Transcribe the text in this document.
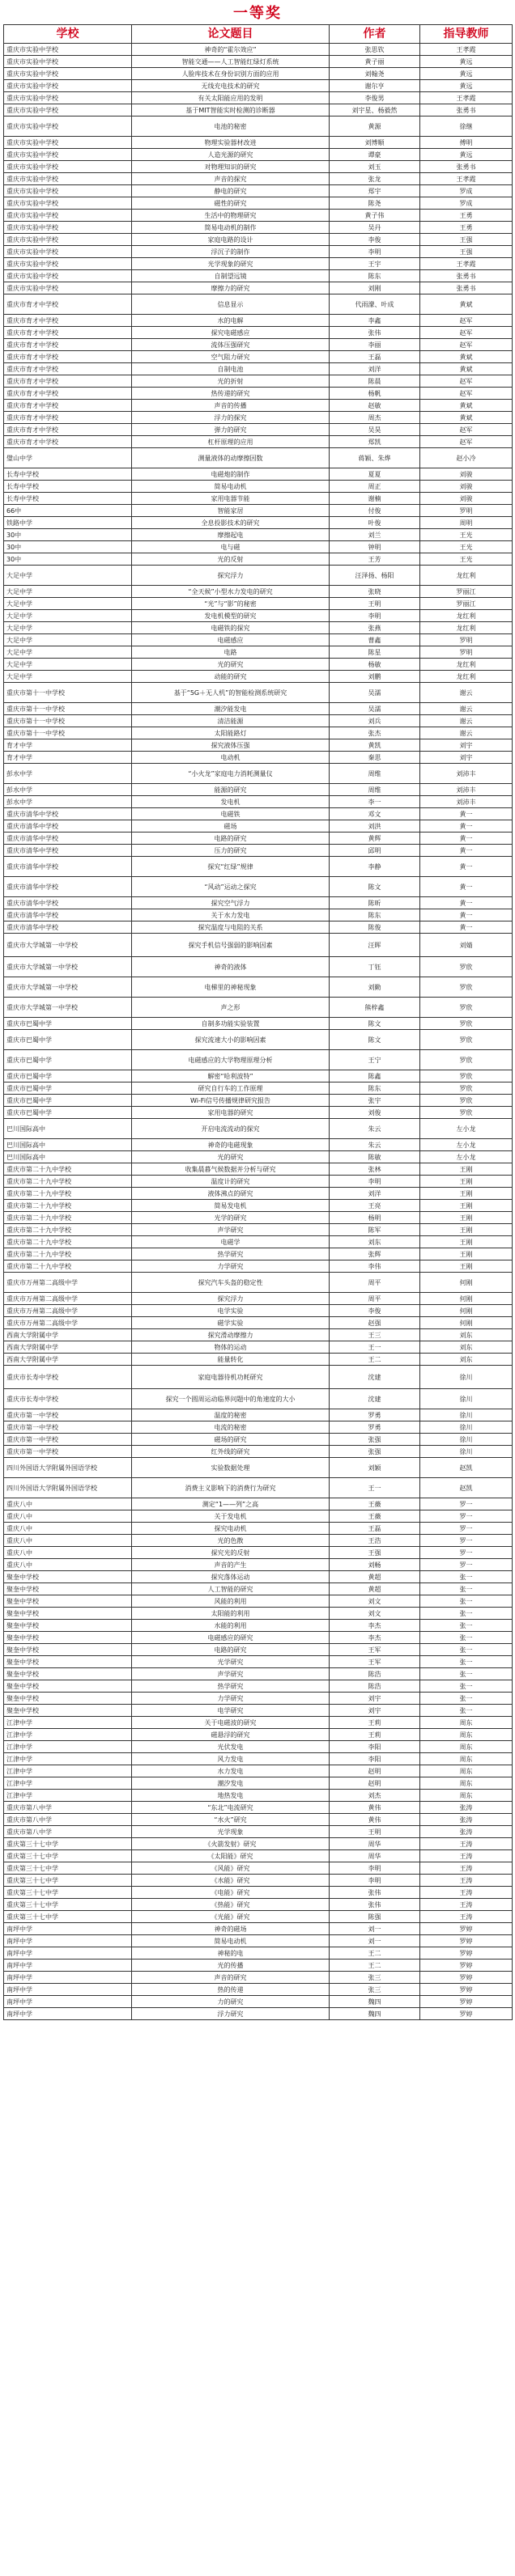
一等奖
学校	论文题目	作者	指导教师
重庆市实验中学校	神奇的“霍尔效应”	张思钦	王孝霞
重庆市实验中学校	智能交通——人工智能红绿灯系统	黄子丽	黄远
重庆市实验中学校	人脸库技术在身份识别方面的应用	刘翰尧	黄远
重庆市实验中学校	无线充电技术的研究	谢尔亨	黄远
重庆市实验中学校	有关太阳能应用的发明	李俊男	王孝霞
重庆市实验中学校	基于MIT智能实时检测的诊断器	刘宇星、杨毅然	张勇书
重庆市实验中学校	电池的秘密	黄源	徐继
重庆市实验中学校	物理实验器材改进	刘博顺	傅明
重庆市实验中学校	人造光源的研究	谭豪	黄远
重庆市实验中学校	对物理知识的研究	刘玉	张勇书
重庆市实验中学校	声音的探究	张龙	王孝霞
重庆市实验中学校	静电的研究	郑宇	罗成
重庆市实验中学校	磁性的研究	陈尧	罗成
重庆市实验中学校	生活中的物理研究	黄子伟	王勇
重庆市实验中学校	简易电动机的制作	吴丹	王勇
重庆市实验中学校	家庭电路的设计	李俊	王强
重庆市实验中学校	浮沉子的制作	李明	王强
重庆市实验中学校	光学现象的研究	王宇	王孝霞
重庆市实验中学校	自制望远镜	陈东	张勇书
重庆市实验中学校	摩擦力的研究	刘刚	张勇书
重庆市育才中学校	信息显示	代雨濛、叶成	黄斌
重庆市育才中学校	水的电解	李鑫	赵军
重庆市育才中学校	探究电磁感应	张伟	赵军
重庆市育才中学校	流体压强研究	李丽	赵军
重庆市育才中学校	空气阻力研究	王磊	黄斌
重庆市育才中学校	自制电池	刘洋	黄斌
重庆市育才中学校	光的折射	陈晨	赵军
重庆市育才中学校	热传递的研究	杨帆	赵军
重庆市育才中学校	声音的传播	赵敏	黄斌
重庆市育才中学校	浮力的探究	周杰	黄斌
重庆市育才中学校	弹力的研究	吴昊	赵军
重庆市育才中学校	杠杆原理的应用	郑凯	赵军
璧山中学	测量液体的动摩擦因数	蒋颖、朱烨	赵小冷
长寿中学校	电磁炮的制作	夏夏	刘骏
长寿中学校	简易电动机	周正	刘骏
长寿中学校	家用电器节能	谢楠	刘骏
66中	智能家居	付俊	罗明
铁路中学	全息投影技术的研究	叶俊	周明
30中	摩擦起电	刘兰	王光
30中	电与磁	钟明	王光
30中	光的反射	王芳	王光
大足中学	探究浮力	汪泽扬、杨阳	龙红利
大足中学	“全天候”小型水力发电的研究	张晓	罗丽江
大足中学	“光”与“影”的秘密	王明	罗丽江
大足中学	发电机模型的研究	李明	龙红利
大足中学	电磁铁的探究	张燕	龙红利
大足中学	电磁感应	曹鑫	罗明
大足中学	电路	陈星	罗明
大足中学	光的研究	杨敏	龙红利
大足中学	动能的研究	刘鹏	龙红利
重庆市第十一中学校	基于“5G＋无人机”的智能检测系统研究	吴濡	谢云
重庆市第十一中学校	潮汐能发电	吴濡	谢云
重庆市第十一中学校	清洁能源	刘兵	谢云
重庆市第十一中学校	太阳能路灯	张杰	谢云
育才中学	探究液体压强	黄凯	刘宇
育才中学	电动机	秦思	刘宇
彭水中学	“小火龙”家庭电力消耗测量仪	周维	刘沛丰
彭水中学	能源的研究	周维	刘沛丰
彭水中学	发电机	李一	刘沛丰
重庆市清华中学校	电磁铁	邓文	黄一
重庆市清华中学校	磁场	刘洪	黄一
重庆市清华中学校	电路的研究	黄辉	黄一
重庆市清华中学校	压力的研究	邱明	黄一
重庆市清华中学校	探究“红绿”规律	李静	黄一
重庆市清华中学校	“风动”运动之探究	陈文	黄一
重庆市清华中学校	探究空气浮力	陈昕	黄一
重庆市清华中学校	关于水力发电	陈东	黄一
重庆市清华中学校	探究温度与电阻的关系	陈俊	黄一
重庆市大学城第一中学校	探究手机信号强弱的影响因素	汪晖	刘婧
重庆市大学城第一中学校	神奇的液体	丁钰	罗欣
重庆市大学城第一中学校	电梯里的神秘现象	刘勤	罗欣
重庆市大学城第一中学校	声之形	熊梓鑫	罗欣
重庆市巴蜀中学	自制多功能实验装置	陈文	罗欣
重庆市巴蜀中学	探究流速大小的影响因素	陈文	罗欣
重庆市巴蜀中学	电磁感应的大学物理原理分析	王宁	罗欣
重庆市巴蜀中学	解密“哈利波特”	陈鑫	罗欣
重庆市巴蜀中学	研究自行车的工作原理	陈东	罗欣
重庆市巴蜀中学	Wi-Fi信号传播规律研究报告	张宇	罗欣
重庆市巴蜀中学	家用电器的研究	刘俊	罗欣
巴川国际高中	开启电流流动的探究	朱云	左小龙
巴川国际高中	神奇的电磁现象	朱云	左小龙
巴川国际高中	光的研究	陈敏	左小龙
重庆市第二十九中学校	收集晨暮气候数据并分析与研究	张林	王刚
重庆市第二十九中学校	温度计的研究	李明	王刚
重庆市第二十九中学校	液体沸点的研究	刘洋	王刚
重庆市第二十九中学校	简易发电机	王亮	王刚
重庆市第二十九中学校	光学的研究	杨明	王刚
重庆市第二十九中学校	声学研究	陈军	王刚
重庆市第二十九中学校	电磁学	刘东	王刚
重庆市第二十九中学校	热学研究	张辉	王刚
重庆市第二十九中学校	力学研究	李伟	王刚
重庆市万州第二高级中学	探究汽车头盔的稳定性	周平	何刚
重庆市万州第二高级中学	探究浮力	周平	何刚
重庆市万州第二高级中学	电学实验	李俊	何刚
重庆市万州第二高级中学	磁学实验	赵强	何刚
西南大学附属中学	探究滑动摩擦力	王三	刘东
西南大学附属中学	物体的运动	王一	刘东
西南大学附属中学	能量转化	王二	刘东
重庆市长寿中学校	家庭电器待机功耗研究	沈建	徐川
重庆市长寿中学校	探究一个圆周运动临界问题中的角速度的大小	沈建	徐川
重庆市第一中学校	温度的秘密	罗勇	徐川
重庆市第一中学校	电流的秘密	罗勇	徐川
重庆市第一中学校	磁场的研究	张强	徐川
重庆市第一中学校	红外线的研究	张强	徐川
四川外国语大学附属外国语学校	实验数据处理	刘颖	赵凯
四川外国语大学附属外国语学校	消费主义影响下的消费行为研究	王一	赵凯
重庆八中	测定“1——列”之高	王薇	罗一
重庆八中	关于发电机	王薇	罗一
重庆八中	探究电动机	王磊	罗一
重庆八中	光的色散	王浩	罗一
重庆八中	探究光的反射	王强	罗一
重庆八中	声音的产生	刘畅	罗一
聚奎中学校	探究落体运动	黄超	张一
聚奎中学校	人工智能的研究	黄超	张一
聚奎中学校	风能的利用	刘文	张一
聚奎中学校	太阳能的利用	刘文	张一
聚奎中学校	水能的利用	李杰	张一
聚奎中学校	电磁感应的研究	李杰	张一
聚奎中学校	电路的研究	王军	张一
聚奎中学校	光学研究	王军	张一
聚奎中学校	声学研究	陈浩	张一
聚奎中学校	热学研究	陈浩	张一
聚奎中学校	力学研究	刘宇	张一
聚奎中学校	电学研究	刘宇	张一
江津中学	关于电磁波的研究	王莉	周东
江津中学	磁悬浮的研究	王莉	周东
江津中学	光伏发电	李阳	周东
江津中学	风力发电	李阳	周东
江津中学	水力发电	赵明	周东
江津中学	潮汐发电	赵明	周东
江津中学	地热发电	刘杰	周东
重庆市第八中学	“东北”电流研究	黄伟	张涛
重庆市第八中学	“水火”研究	黄伟	张涛
重庆市第八中学	光学现象	王明	张涛
重庆第三十七中学	《火箭发射》研究	周华	王涛
重庆第三十七中学	《太阳能》研究	周华	王涛
重庆第三十七中学	《风能》研究	李明	王涛
重庆第三十七中学	《水能》研究	李明	王涛
重庆第三十七中学	《电能》研究	张伟	王涛
重庆第三十七中学	《热能》研究	张伟	王涛
重庆第三十七中学	《光能》研究	陈强	王涛
南坪中学	神奇的磁场	刘一	罗婷
南坪中学	简易电动机	刘一	罗婷
南坪中学	神秘的电	王二	罗婷
南坪中学	光的传播	王二	罗婷
南坪中学	声音的研究	张三	罗婷
南坪中学	热的传递	张三	罗婷
南坪中学	力的研究	魏四	罗婷
南坪中学	浮力研究	魏四	罗婷
